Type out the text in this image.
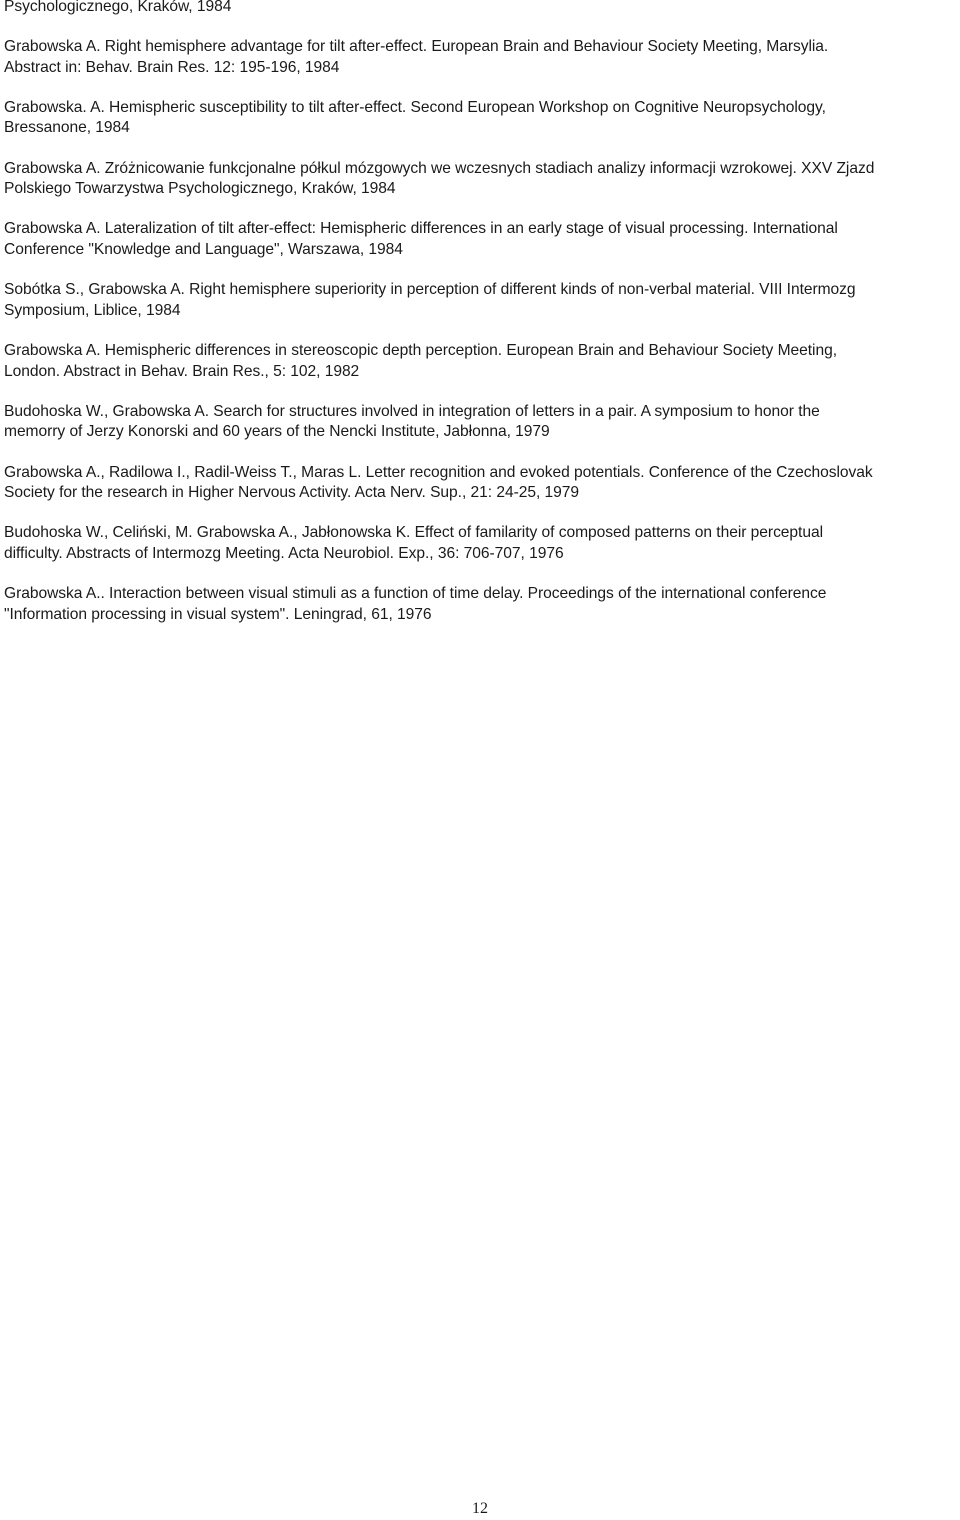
Psychologicznego, Kraków, 1984

Grabowska A. Right hemisphere advantage for tilt after-effect. European Brain and Behaviour Society Meeting, Marsylia.
Abstract in: Behav. Brain Res. 12: 195-196, 1984

Grabowska. A. Hemispheric susceptibility to tilt after-effect. Second European Workshop on Cognitive Neuropsychology,
Bressanone, 1984

Grabowska A. Zróżnicowanie funkcjonalne półkul mózgowych we wczesnych stadiach analizy informacji wzrokowej. XXV Zjazd
Polskiego Towarzystwa Psychologicznego, Kraków, 1984

Grabowska A. Lateralization of tilt after-effect: Hemispheric differences in an early stage of visual processing. International
Conference "Knowledge and Language", Warszawa, 1984

Sobótka S., Grabowska A. Right hemisphere superiority in perception of different kinds of non-verbal material. VIII Intermozg
Symposium, Liblice, 1984

Grabowska A. Hemispheric differences in stereoscopic depth perception. European Brain and Behaviour Society Meeting,
London. Abstract in Behav. Brain Res., 5: 102, 1982

Budohoska W., Grabowska A. Search for structures involved in integration of letters in a pair. A symposium to honor the
memorry of Jerzy Konorski and 60 years of the Nencki Institute, Jabłonna, 1979

Grabowska A., Radilowa I., Radil-Weiss T., Maras L. Letter recognition and evoked potentials. Conference of the Czechoslovak
Society for the research in Higher Nervous Activity. Acta Nerv. Sup., 21: 24-25, 1979

Budohoska W., Celiński, M. Grabowska A., Jabłonowska K. Effect of familarity of composed patterns on their perceptual
difficulty. Abstracts of Intermozg Meeting. Acta Neurobiol. Exp., 36: 706-707, 1976

Grabowska A.. Interaction between visual stimuli as a function of time delay. Proceedings of the international conference
"Information processing in visual system". Leningrad, 61, 1976

12
